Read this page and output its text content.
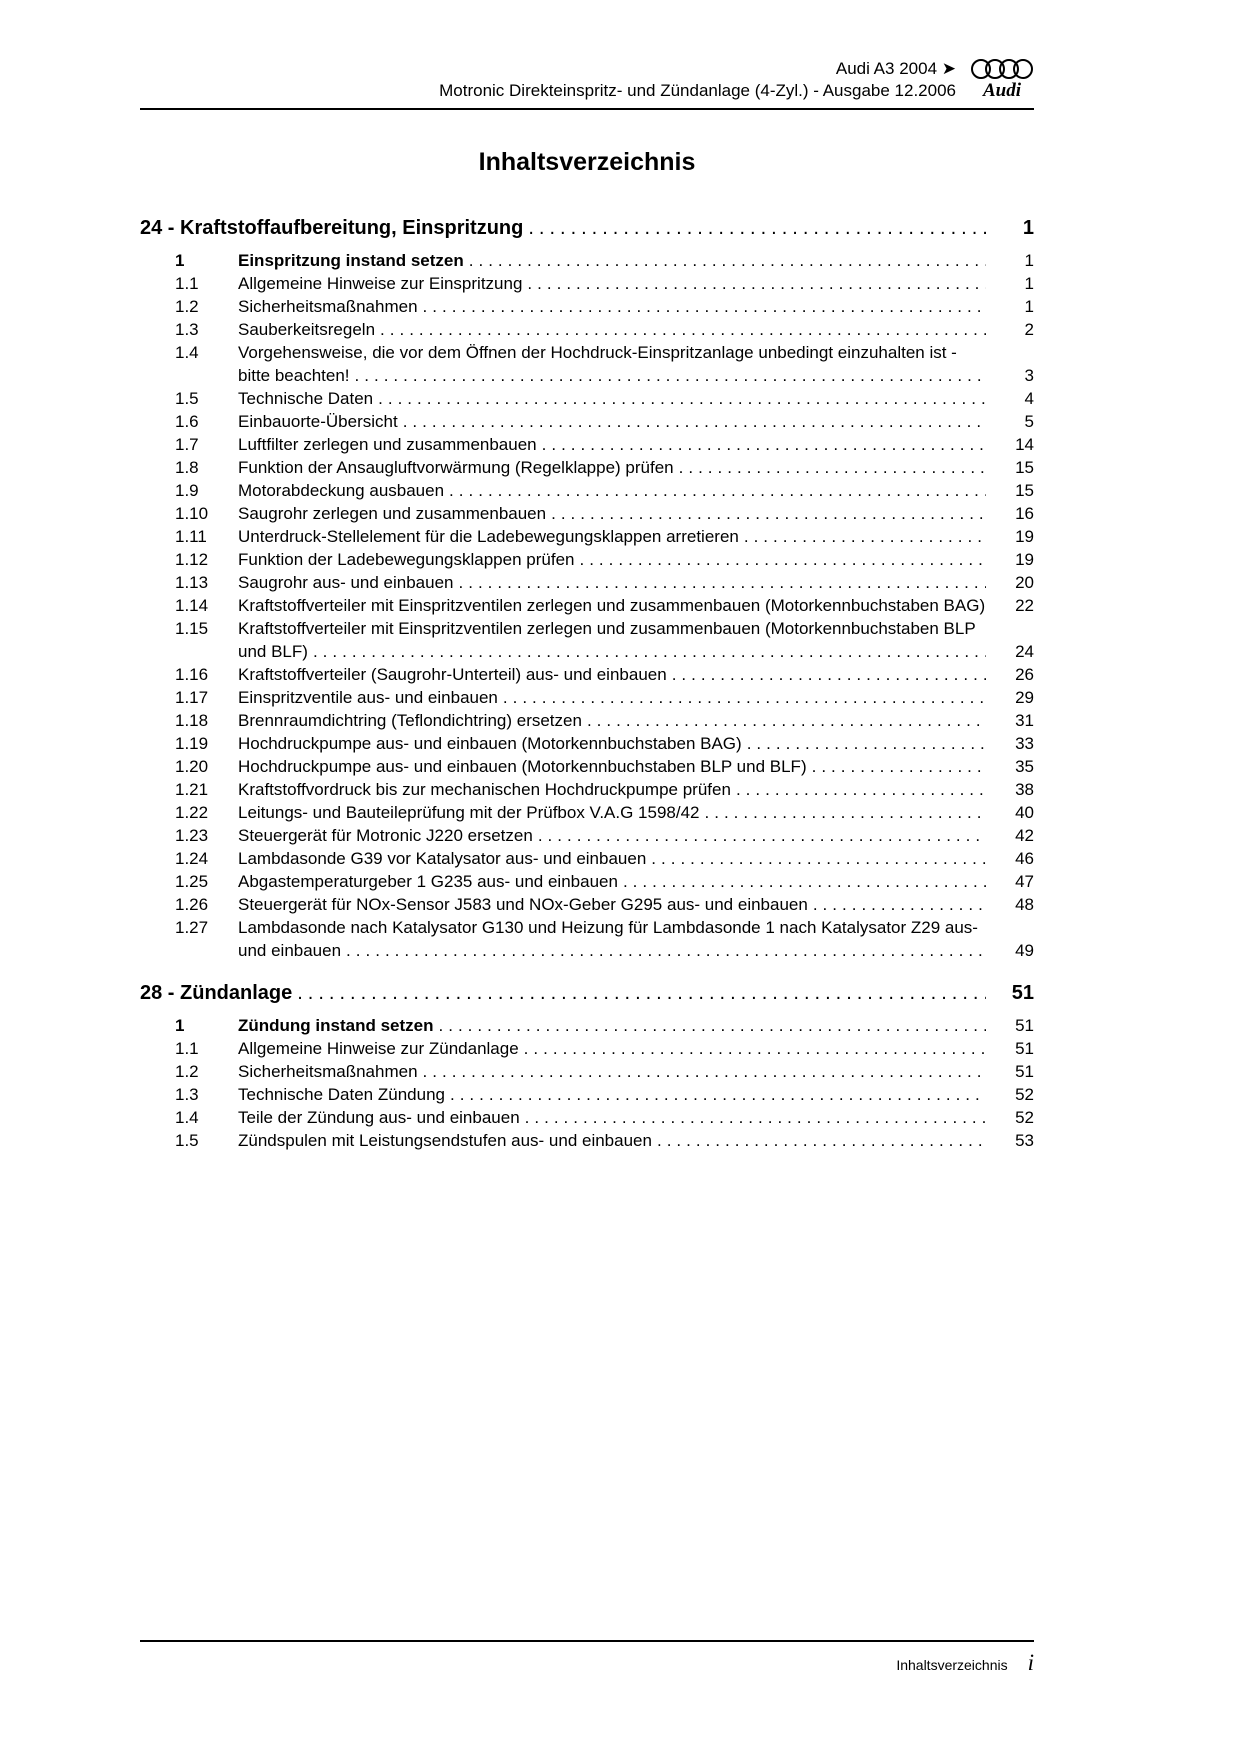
Audi A3 2004 ➤
Motronic Direkteinspritz- und Zündanlage (4-Zyl.) - Ausgabe 12.2006 Audi
Inhaltsverzeichnis
24 - Kraftstoffaufbereitung, Einspritzung .....	1
1	Einspritzung instand setzen .....	1
1.1 Allgemeine Hinweise zur Einspritzung .....	1
1.2 Sicherheitsmaßnahmen .....	1
1.3 Sauberkeitsregeln .....	2
1.4 Vorgehensweise, die vor dem Öffnen der Hochdruck-Einspritzanlage unbedingt einzuhalten ist - bitte beachten! .....	3
1.5 Technische Daten .....	4
1.6 Einbauorte-Übersicht .....	5
1.7 Luftfilter zerlegen und zusammenbauen .....	14
1.8 Funktion der Ansaugluftvorwärmung (Regelklappe) prüfen .....	15
1.9 Motorabdeckung ausbauen .....	15
1.10 Saugrohr zerlegen und zusammenbauen .....	16
1.11 Unterdruck-Stellelement für die Ladebewegungsklappen arretieren .....	19
1.12 Funktion der Ladebewegungsklappen prüfen .....	19
1.13 Saugrohr aus- und einbauen .....	20
1.14 Kraftstoffverteiler mit Einspritzventilen zerlegen und zusammenbauen (Motorkennbuchstaben BAG) ..... 22
1.15 Kraftstoffverteiler mit Einspritzventilen zerlegen und zusammenbauen (Motorkennbuchstaben BLP und BLF) .....	24
1.16 Kraftstoffverteiler (Saugrohr-Unterteil) aus- und einbauen .....	26
1.17 Einspritzventile aus- und einbauen .....	29
1.18 Brennraumdichtring (Teflondichtring) ersetzen .....	31
1.19 Hochdruckpumpe aus- und einbauen (Motorkennbuchstaben BAG) .....	33
1.20 Hochdruckpumpe aus- und einbauen (Motorkennbuchstaben BLP und BLF) .....	35
1.21 Kraftstoffvordruck bis zur mechanischen Hochdruckpumpe prüfen .....	38
1.22 Leitungs- und Bauteileprüfung mit der Prüfbox V.A.G 1598/42 .....	40
1.23 Steuergerät für Motronic J220 ersetzen .....	42
1.24 Lambdasonde G39 vor Katalysator aus- und einbauen .....	46
1.25 Abgastemperaturgeber 1 G235 aus- und einbauen .....	47
1.26 Steuergerät für NOx-Sensor J583 und NOx-Geber G295 aus- und einbauen .....	48
1.27 Lambdasonde nach Katalysator G130 und Heizung für Lambdasonde 1 nach Katalysator Z29 aus- und einbauen .....	49
28 - Zündanlage .....	51
1	Zündung instand setzen .....	51
1.1 Allgemeine Hinweise zur Zündanlage .....	51
1.2 Sicherheitsmaßnahmen .....	51
1.3 Technische Daten Zündung .....	52
1.4 Teile der Zündung aus- und einbauen .....	52
1.5 Zündspulen mit Leistungsendstufen aus- und einbauen .....	53
Inhaltsverzeichnis i
